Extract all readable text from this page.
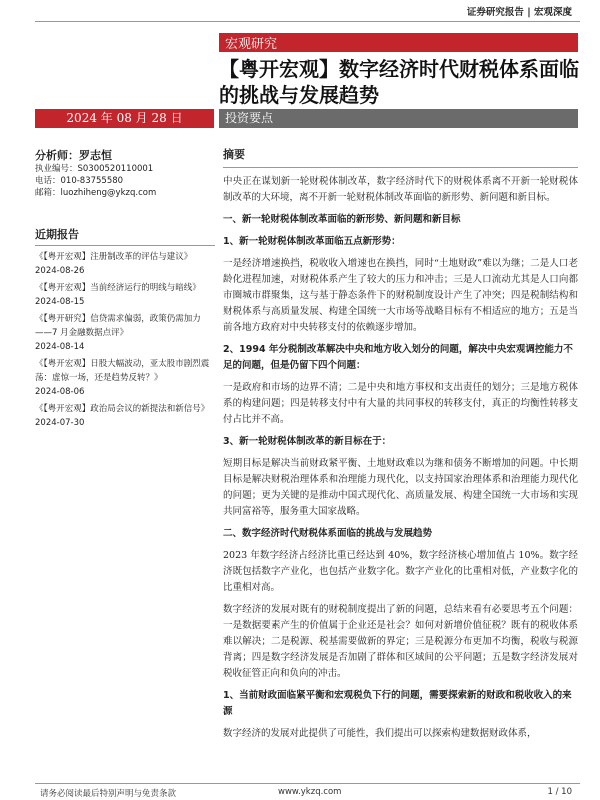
证券研究报告 | 宏观深度
宏观研究
【粤开宏观】数字经济时代财税体系面临的挑战与发展趋势
2024 年 08 月 28 日	投资要点
分析师：罗志恒
执业编号：S0300520110001
电话：010-83755580
邮箱：luozhiheng@ykzq.com
近期报告
《【粤开宏观】注册制改革的评估与建议》
2024-08-26
《【粤开宏观】当前经济运行的明线与暗线》
2024-08-15
《【粤开研究】信贷需求偏弱，政策仍需加力——7 月金融数据点评》
2024-08-14
《【粤开宏观】日股大幅波动，亚太股市剧烈震荡：虚惊一场，还是趋势反转？》
2024-08-06
《【粤开宏观】政治局会议的新提法和新信号》
2024-07-30
摘要

中央正在谋划新一轮财税体制改革，数字经济时代下的财税体系离不开新一轮财税体制改革的大环境，离不开新一轮财税体制改革面临的新形势、新问题和新目标。

一、新一轮财税体制改革面临的新形势、新问题和新目标
1、新一轮财税体制改革面临五点新形势：

一是经济增速换挡，税收收入增速也在换挡，同时“土地财政”难以为继；二是人口老龄化进程加速，对财税体系产生了较大的压力和冲击；三是人口流动尤其是人口向都市圈城市群聚集，这与基于静态条件下的财税制度设计产生了冲突；四是税制结构和财税体系与高质量发展、构建全国统一大市场等战略目标有不相适应的地方；五是当前各地方政府对中央转移支付的依赖逐步增加。

2、1994 年分税制改革解决中央和地方收入划分的问题，解决中央宏观调控能力不足的问题，但是仍留下四个问题：

一是政府和市场的边界不清；二是中央和地方事权和支出责任的划分；三是地方税体系的构建问题；四是转移支付中有大量的共同事权的转移支付，真正的均衡性转移支付占比并不高。

3、新一轮财税体制改革的新目标在于：

短期目标是解决当前财政紧平衡、土地财政难以为继和债务不断增加的问题。中长期目标是解决财税治理体系和治理能力现代化，以支持国家治理体系和治理能力现代化的问题；更为关键的是推动中国式现代化、高质量发展、构建全国统一大市场和实现共同富裕等，服务重大国家战略。

二、数字经济时代财税体系面临的挑战与发展趋势

2023 年数字经济占经济比重已经达到 40%，数字经济核心增加值占 10%。数字经济既包括数字产业化，也包括产业数字化。数字产业化的比重相对低，产业数字化的比重相对高。

数字经济的发展对既有的财税制度提出了新的问题，总结来看有必要思考五个问题：一是数据要素产生的价值属于企业还是社会？如何对新增价值征税？既有的税收体系难以解决；二是税源、税基需要做新的界定；三是税源分布更加不均衡，税收与税源背离；四是数字经济发展是否加剧了群体和区域间的公平问题；五是数字经济发展对税收征管正向和负向的冲击。

1、当前财政面临紧平衡和宏观税负下行的问题，需要探索新的财政和税收收入的来源

数字经济的发展对此提供了可能性，我们提出可以探索构建数据财政体系，

请务必阅读最后特别声明与免责条款	www.ykzq.com	1 / 10
